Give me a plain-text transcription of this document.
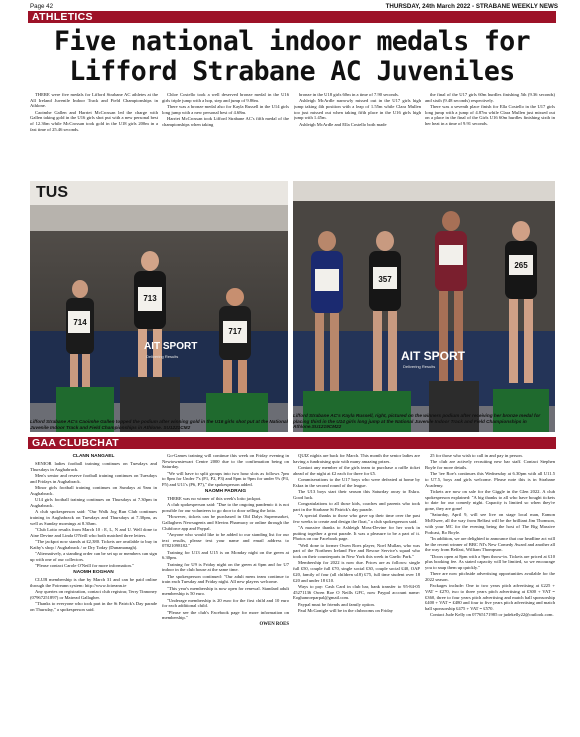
Page 42	THURSDAY, 24th March 2022 - STRABANE WEEKLY NEWS
ATHLETICS
Five national indoor medals for Lifford Strabane AC Juveniles

THERE were five medals for Lifford Strabane AC athletes at the All Ireland Juvenile Indoor Track and Field Championships in Athlone.

Caoimhe Gallen and Harriet McCrossan led the charge with Gallen taking gold in the U16 girls shot put with a new personal best of 12.36m while McCrossan took gold in the U18 girls 200m in a fast time of 25.46 seconds.

Chloe Costello took a well deserved bronze medal in the U16 girls triple jump with a hop, step and jump of 9.86m.

There was a bronze medal also for Kayla Russell in the U14 girls long jump with a new personal best of 4.68m.

Harriet McCrossan took Lifford Strabane AC's fifth medal of the championships when taking

bronze in the U18 girls 60m in a time of 7.90 seconds.

Ashleigh McArdle narrowly missed out in the U17 girls high jump taking 4th position with a leap of 1.55m while Clara Mullen too just missed out when taking fifth place in the U16 girls high jump with 1.45m.

Ashleigh McArdle and Ella Costello both made

the final of the U17 girls 60m hurdles finishing 5th (9.36 seconds) and sixth (9.48 seconds) respectively.

There was a seventh place finish for Ella Costello in the U17 girls long jump with a jump of 4.87m while Clara Mullen just missed out on a place in the final of the Girls U16 60m hurdles finishing sixth in her heat in a time of 9.91 seconds.

TUS
714
713
717
AIT SPORT
Delivering Results
357
265
AIT SPORT
Delivering Results
Lifford Strabane AC's Caoimhe Gallen topped the podium after winning gold in the U16 girls shot put at the National Juvenile Indoor Track and Field Championships in Athlone. SU1221CM2
Lifford Strabane AC's Kayla Russell, right, pictured on the winners podium after receiving her bronze medal for placing third in the U14 girls long jump at the National Juvenile Indoor Track and Field Championships in Athlone.SU1219CM22
GAA CLUBCHAT
CLANN NANGAEL

SENIOR ladies football training continues on Tuesdays and Thursdays in Aughabrack.

Men's senior and reserve football training continues on Tuesdays and Fridays in Aughabrack.

Minor girls football training continues on Sundays at 9am in Aughabrack.

U14 girls football training continues on Thursdays at 7.30pm in Aughabrack.

A club spokesperson said: "Our Walk Jog Run Club continues training in Aughabrack on Tuesdays and Thursdays at 7.30pm, as well as Sunday mornings at 8.30am.

"Club Lotto results from March 10 : E, L, N and U. Well done to Aine Devine and Linda O'Neill who both matched three letters.

"The jackpot now stands at £2,380. Tickets are available to buy in Kathy's shop / Aughabrack / or Dry Today (Dunamanagh).

"Alternatively, a standing order can be set up or members can sign up with one of our collectors.

"Please contact Carole O'Neill for more information."

NAOMH EOGHAN

CLUB membership is due by March 31 and can be paid online through the Foireann system: http://www.foireann.ie

Any queries on registration, contact club registrar, Terry Tinnoney (07967251897) or Mairead Gallagher.

"Thanks to everyone who took part in the St Patrick's Day parade on Thursday," a spokesperson said.

Go-Games training will continue this week on Friday evening in Newtownstewart Centre 2000 due to the confirmation being on Saturday.

"We will have to split groups into two hour slots as follows 7pm to 8pm for Under 7's (P1, P2, P3) and 8pm to 9pm for under 9's (P4, P5) and U11's (P6, P7)," the spokesperson added.

NAOMH PADRAIG

THERE was no winner of this week's lotto jackpot.

A club spokesperson said: "Due to the ongoing pandemic it is not possible for our volunteers to go door to door selling the lotto.

"However, tickets can be purchased in Old Dalys Supermarket, Gallaghers Newsagents and Slevins Pharmacy or online through the Clubforce app and Paypal.

"Anyone who would like to be added to our standing list for our text results, please text your name and email address to 07821098182."

Training for U13 and U15 is on Monday night on the green at 6.30pm.

Training for U9 is Friday night on the green at 6pm and for U7 indoor in the club house at the same time.

The spokesperson continued: "Our adult mens team continue to train each Tuesday and Friday night. All new players welcome.

"This year's membership is now open for renewal. Standard adult membership is 50 euro.

"Underage membership is 20 euro for the first child and 10 euro for each additional child.

"Please see the club's Facebook page for more information on membership."

OWEN ROES

QUIZ nights are back for March. This month the senior ladies are having a fundraising quiz with many amazing prizes.

Contact any member of the girls team to purchase a raffle ticket ahead of the night at £2 each for three for £5.

Commiserations to the U17 boys who were defeated at home by Eskra in the second round of the league.

The U13 boys start their season this Saturday away to Eskra. Good luck.

Congratulations to all those kids, coaches and parents who took part in the Strabane St Patrick's day parade.

"A special thanks to those who gave up their time over the past few weeks to create and design the float," a club spokesperson said.

"A massive thanks to Ashleigh Moss-Devine for her work in putting together a great parade. It was a pleasure to be a part of it. Photos on our Facebook page.

"Well done to former Owen Roes player, Noel Mullan, who was part of the Northern Ireland Fire and Rescue Service's squad who took on their counterparts in New York this week in Gaelic Park."

Membership for 2022 is now due. Prices are as follows: single full £50, couple full £70, single social £30, couple social £40, OAP £20, family of four (all children u18) £75, full time student over 18 £20 and under 18 £10.

Ways to pay: Cash Card in club bar, bank transfer to 95-84-05 45271136 Owen Roe O Neills GFC, now Paypal account name: Eoghanroeparpal@gmail.com.

Paypal must be friends and family option.

Paul McGonigle will be in the clubrooms on Friday

25 for those who wish to call in and pay in person.

The club are actively recruiting new bar staff. Contact Stephen Boyle for more details.

The 'tee Roe's continues this Wednesday at 6.30pm with all U11.5 to U7.5, boys and girls welcome. Please note this is in Strabane Academy.

Tickets are now on sale for the Giggle in the Glen 2022. A club spokesperson explained: "A big thanks to all who have bought tickets to date for our comedy night. Capacity is limited so when they're gone, they are gone!

"Saturday, April 9, will see live on stage local man, Eamon McElwee, all the way from Belfast will be the brilliant Jim Thomson, with your MC for the evening being the host of The Big Massive Podcast, Ro Boyle.

"In addition, we are delighted to announce that our headline act will be the recent winner of BBC NI's New Comedy Award and another all the way from Belfast, William Thompson.

"Doors open at 8pm with a 9pm throw-in. Tickets are priced at £10 plus booking fee. As stated capacity will be limited, so we encourage you to snap them up quickly."

There are now pitchside advertising opportunities available for the 2022 season.

Packages include: One to two years pitch advertising at £225 + VAT = £270, two to three years pitch advertising at £300 + VAT = £360, three to four years pitch advertising and match ball sponsorship £400 + VAT = £480 and four to five years pitch advertising and match ball sponsorship £475 + VAT = £570.

Contact Jude Kelly on 07765171985 or judekelly22@outlook.com.
